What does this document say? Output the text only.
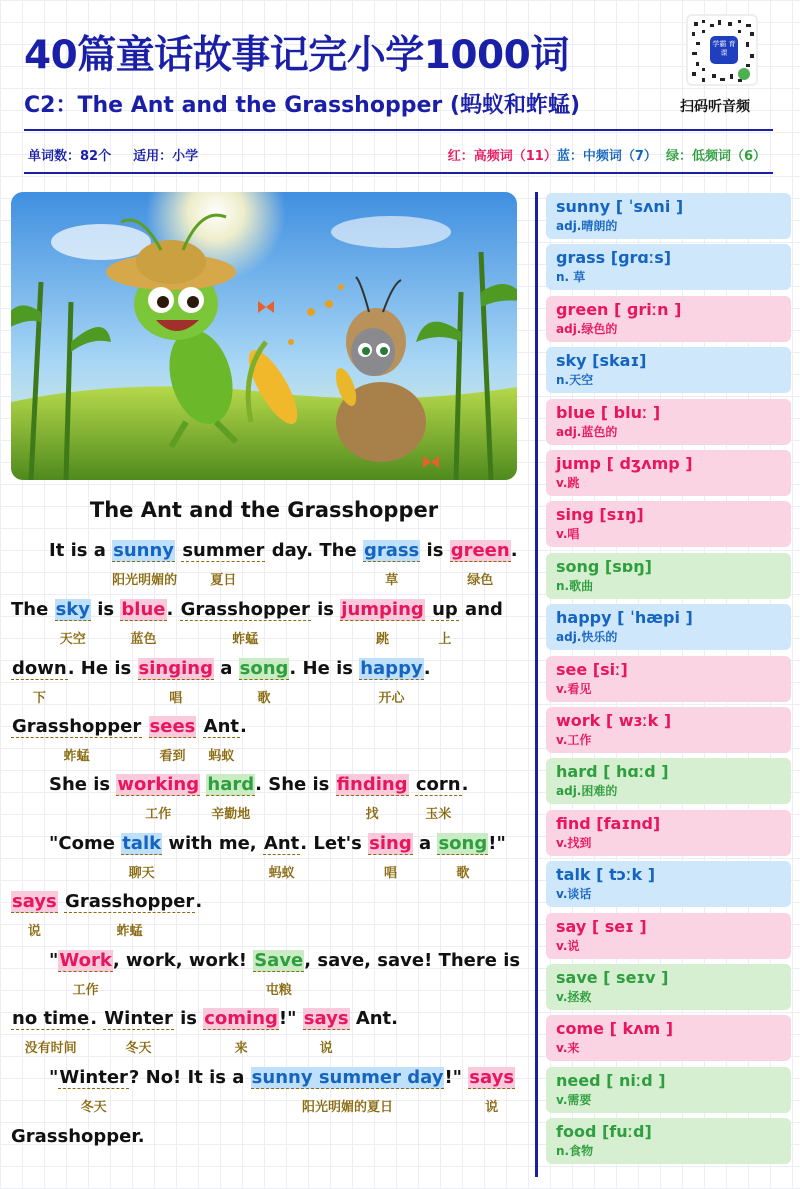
40篇童话故事记完小学1000词
C2：The Ant and the Grasshopper (蚂蚁和蚱蜢)
学霸 育课
扫码听音频
单词数：82个 适用：小学	红：高频词（11）蓝：中频词（7） 绿：低频词（6）
The Ant and the Grasshopper
It is a sunny
阳光明媚的
summer
夏日
day. The grass
草
is green
绿色
.
The sky
天空
is blue
蓝色
. Grasshopper
蚱蜢
is jumping
跳
up
上
and
down
下
. He is singing
唱
a song
歌
. He is happy
开心
.
Grasshopper
蚱蜢
sees
看到
Ant
蚂蚁
.
She is working
工作
hard
辛勤地
. She is finding
找
corn
玉米
.
"Come talk
聊天
with me, Ant
蚂蚁
. Let's sing
唱
a song
歌
!"
says
说
Grasshopper
蚱蜢
.
"Work
工作
, work, work! Save
屯粮
, save, save! There is
no time
没有时间
. Winter
冬天
is coming
来
!" says
说
Ant.
"Winter
冬天
? No! It is a sunny summer day
阳光明媚的夏日
!" says
说
Grasshopper.
sunny [ ˈsʌni ]
adj.晴朗的
grass [ɡrɑːs]
n. 草
green [ ɡriːn ]
adj.绿色的
sky [skaɪ]
n.天空
blue [ bluː ]
adj.蓝色的
jump [ dʒʌmp ]
v.跳
sing [sɪŋ]
v.唱
song [sɒŋ]
n.歌曲
happy [ ˈhæpi ]
adj.快乐的
see [siː]
v.看见
work [ wɜːk ]
v.工作
hard [ hɑːd ]
adj.困难的
find [faɪnd]
v.找到
talk [ tɔːk ]
v.谈话
say [ seɪ ]
v.说
save [ seɪv ]
v.拯救
come [ kʌm ]
v.来
need [ niːd ]
v.需要
food [fuːd]
n.食物
